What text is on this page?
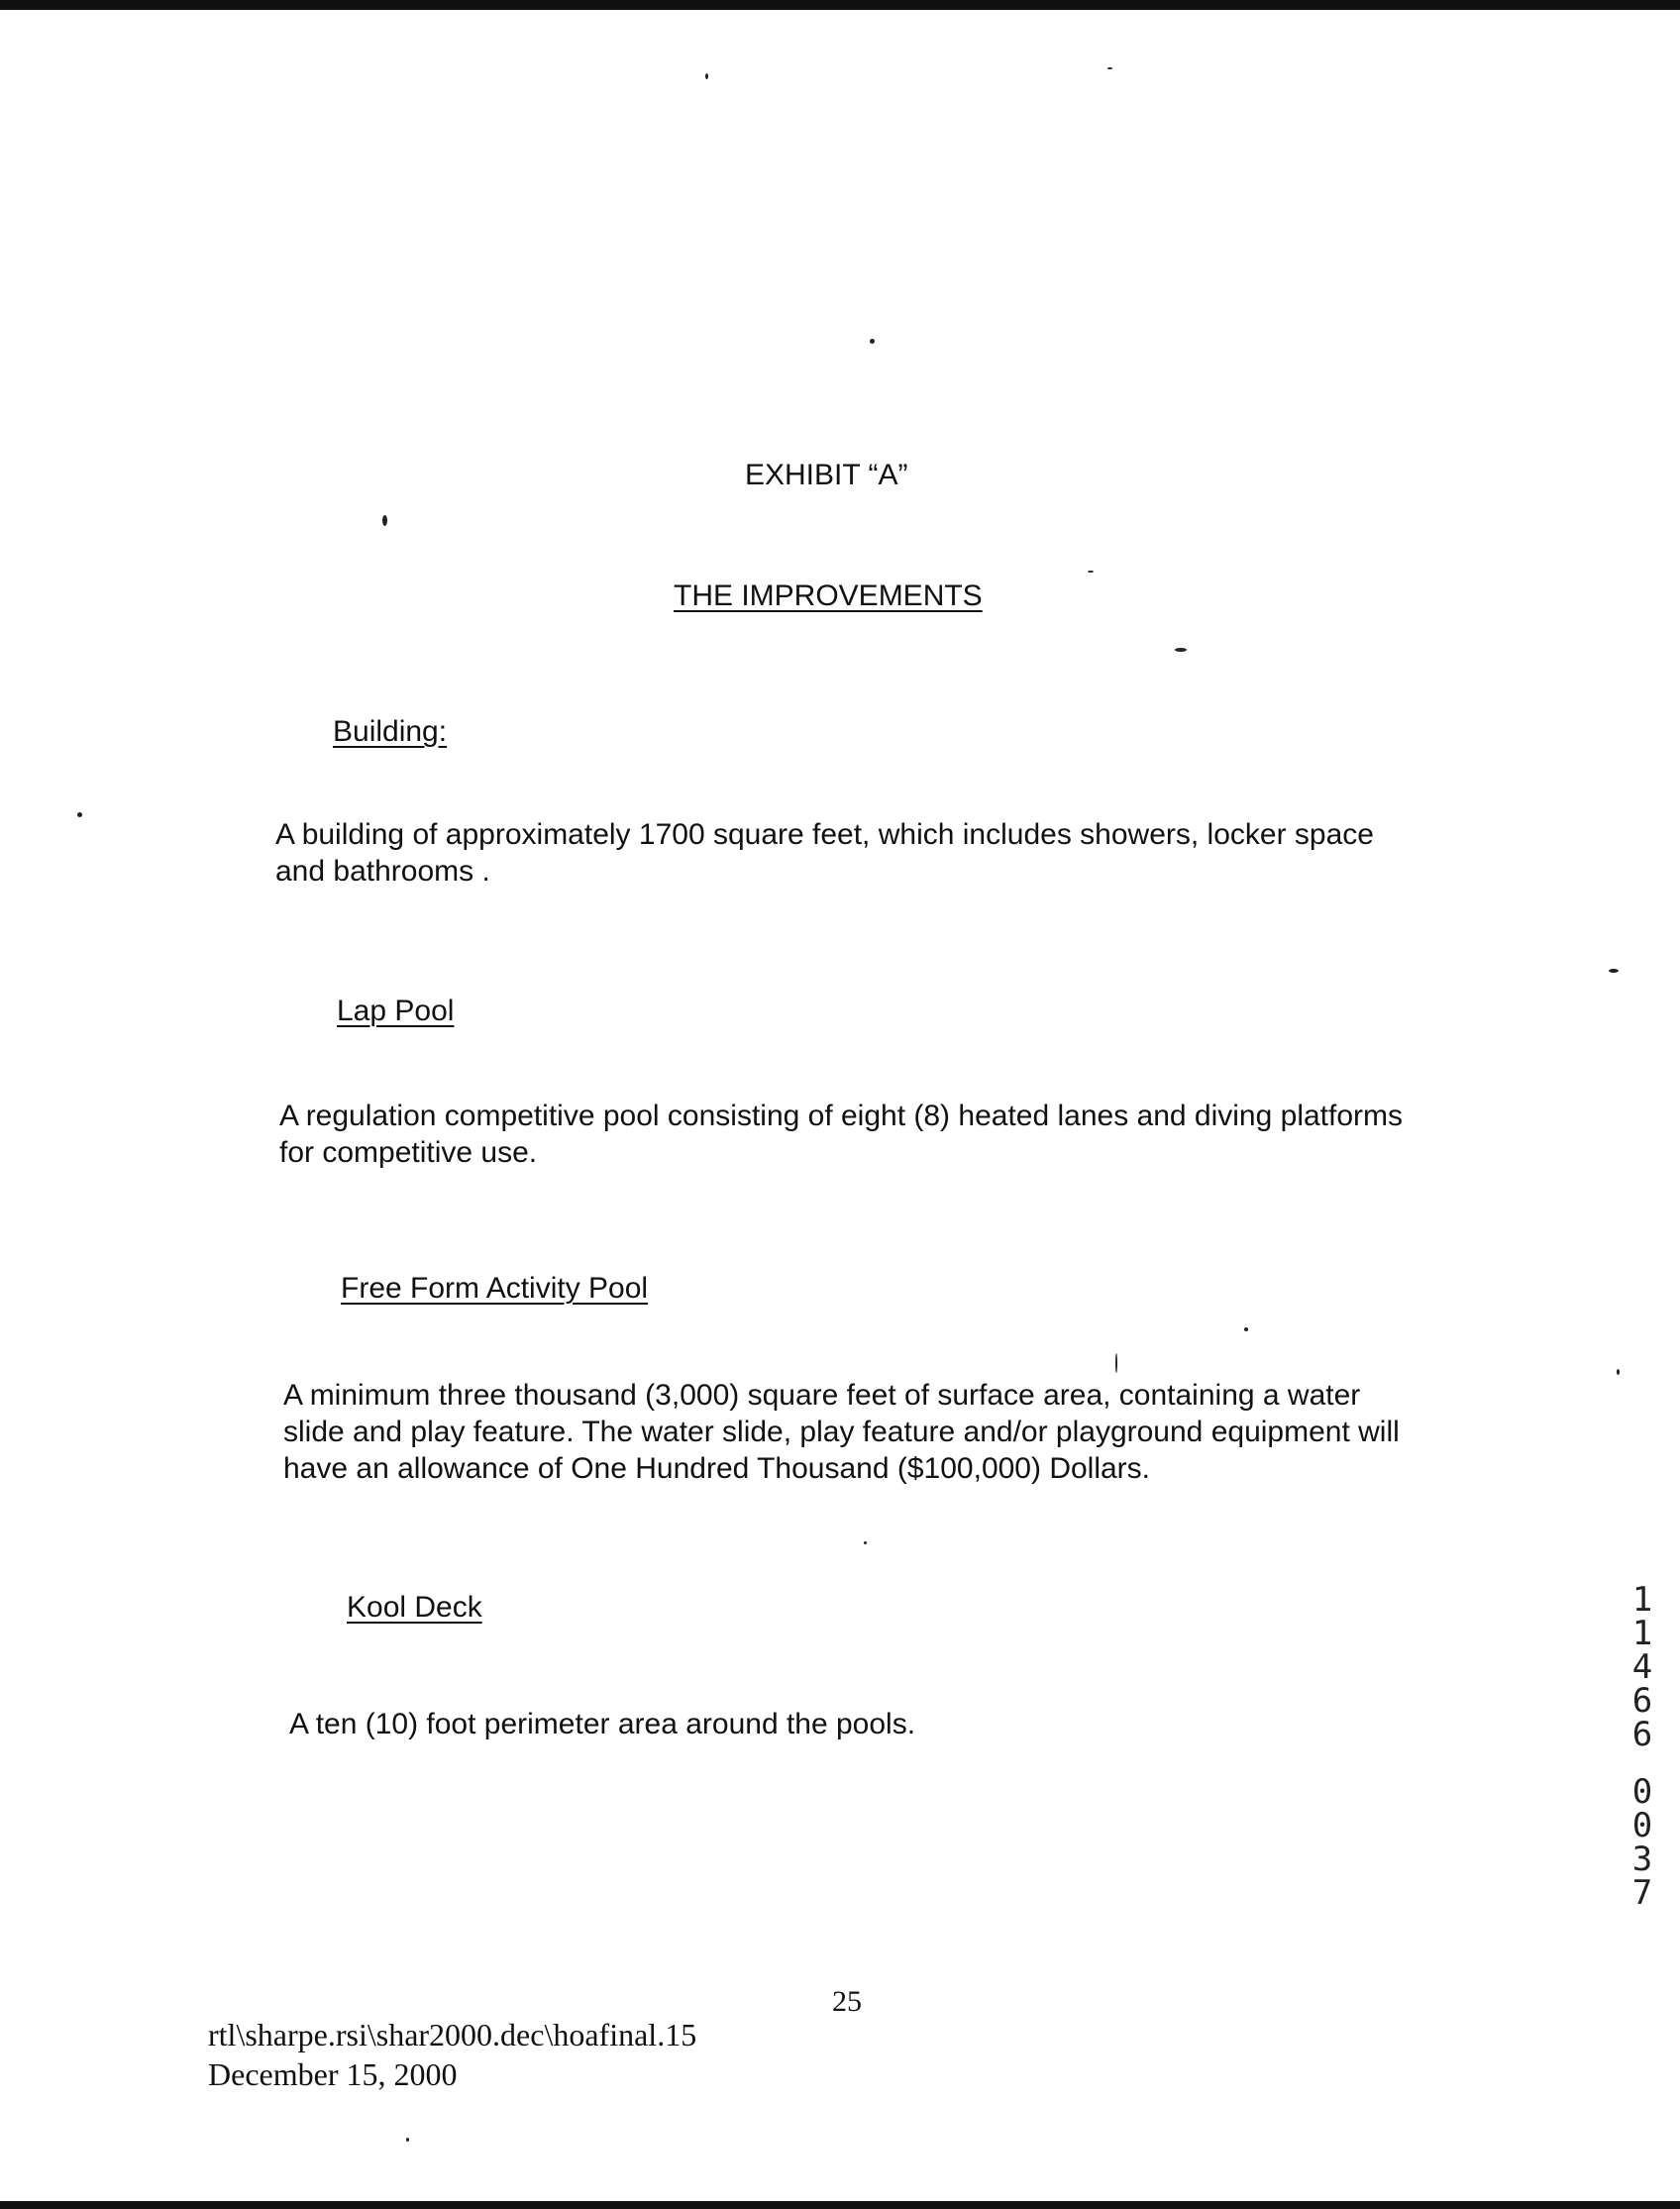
EXHIBIT “A”
THE IMPROVEMENTS
Building:

A building of approximately 1700 square feet, which includes showers, locker space

and bathrooms .

Lap Pool

A regulation competitive pool consisting of eight (8) heated lanes and diving platforms

for competitive use.

Free Form Activity Pool

A minimum three thousand (3,000) square feet of surface area, containing a water

slide and play feature. The water slide, play feature and/or playground equipment will

have an allowance of One Hundred Thousand ($100,000) Dollars.

Kool Deck

A ten (10) foot perimeter area around the pools.

1
1
4
6
6
0
0
3
7
25
rtl\sharpe.rsi\shar2000.dec\hoafinal.15
December 15, 2000
